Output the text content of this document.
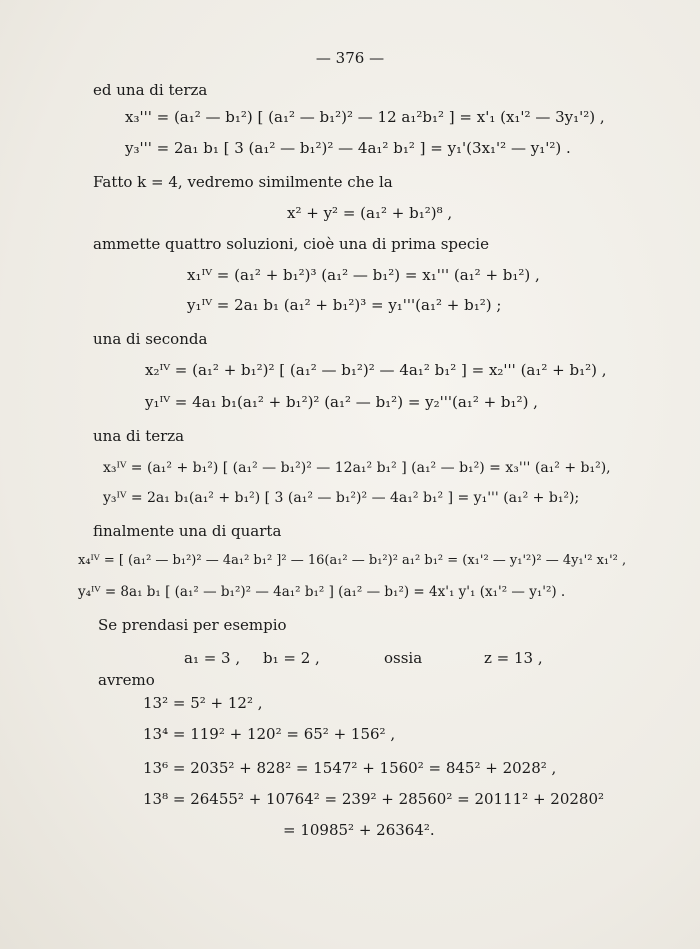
— 376 —
ed una di terza
x₃''' = (a₁² — b₁²) [ (a₁² — b₁²)² — 12 a₁²b₁² ] = x'₁ (x₁'² — 3y₁'²) ,
y₃''' = 2a₁ b₁ [ 3 (a₁² — b₁²)² — 4a₁² b₁² ] = y₁'(3x₁'² — y₁'²) .
Fatto k = 4, vedremo similmente che la
x² + y² = (a₁² + b₁²)⁸ ,
ammette quattro soluzioni, cioè una di prima specie
x₁ᴵⱽ = (a₁² + b₁²)³ (a₁² — b₁²) = x₁''' (a₁² + b₁²) ,
y₁ᴵⱽ = 2a₁ b₁ (a₁² + b₁²)³ = y₁'''(a₁² + b₁²) ;
una di seconda
x₂ᴵⱽ = (a₁² + b₁²)² [ (a₁² — b₁²)² — 4a₁² b₁² ] = x₂''' (a₁² + b₁²) ,
y₁ᴵⱽ = 4a₁ b₁(a₁² + b₁²)² (a₁² — b₁²) = y₂'''(a₁² + b₁²) ,
una di terza
x₃ᴵⱽ = (a₁² + b₁²) [ (a₁² — b₁²)² — 12a₁² b₁² ] (a₁² — b₁²) = x₃''' (a₁² + b₁²),
y₃ᴵⱽ = 2a₁ b₁(a₁² + b₁²) [ 3 (a₁² — b₁²)² — 4a₁² b₁² ] = y₁''' (a₁² + b₁²);
finalmente una di quarta
x₄ᴵⱽ = [ (a₁² — b₁²)² — 4a₁² b₁² ]² — 16(a₁² — b₁²)² a₁² b₁² = (x₁'² — y₁'²)² — 4y₁'² x₁'² ,
y₄ᴵⱽ = 8a₁ b₁ [ (a₁² — b₁²)² — 4a₁² b₁² ] (a₁² — b₁²) = 4x'₁ y'₁ (x₁'² — y₁'²) .
Se prendasi per esempio
a₁ = 3 , b₁ = 2 ,	ossia	z = 13 ,
avremo
13² = 5² + 12² ,
13⁴ = 119² + 120² = 65² + 156² ,
13⁶ = 2035² + 828² = 1547² + 1560² = 845² + 2028² ,
13⁸ = 26455² + 10764² = 239² + 28560² = 20111² + 20280²
= 10985² + 26364².
